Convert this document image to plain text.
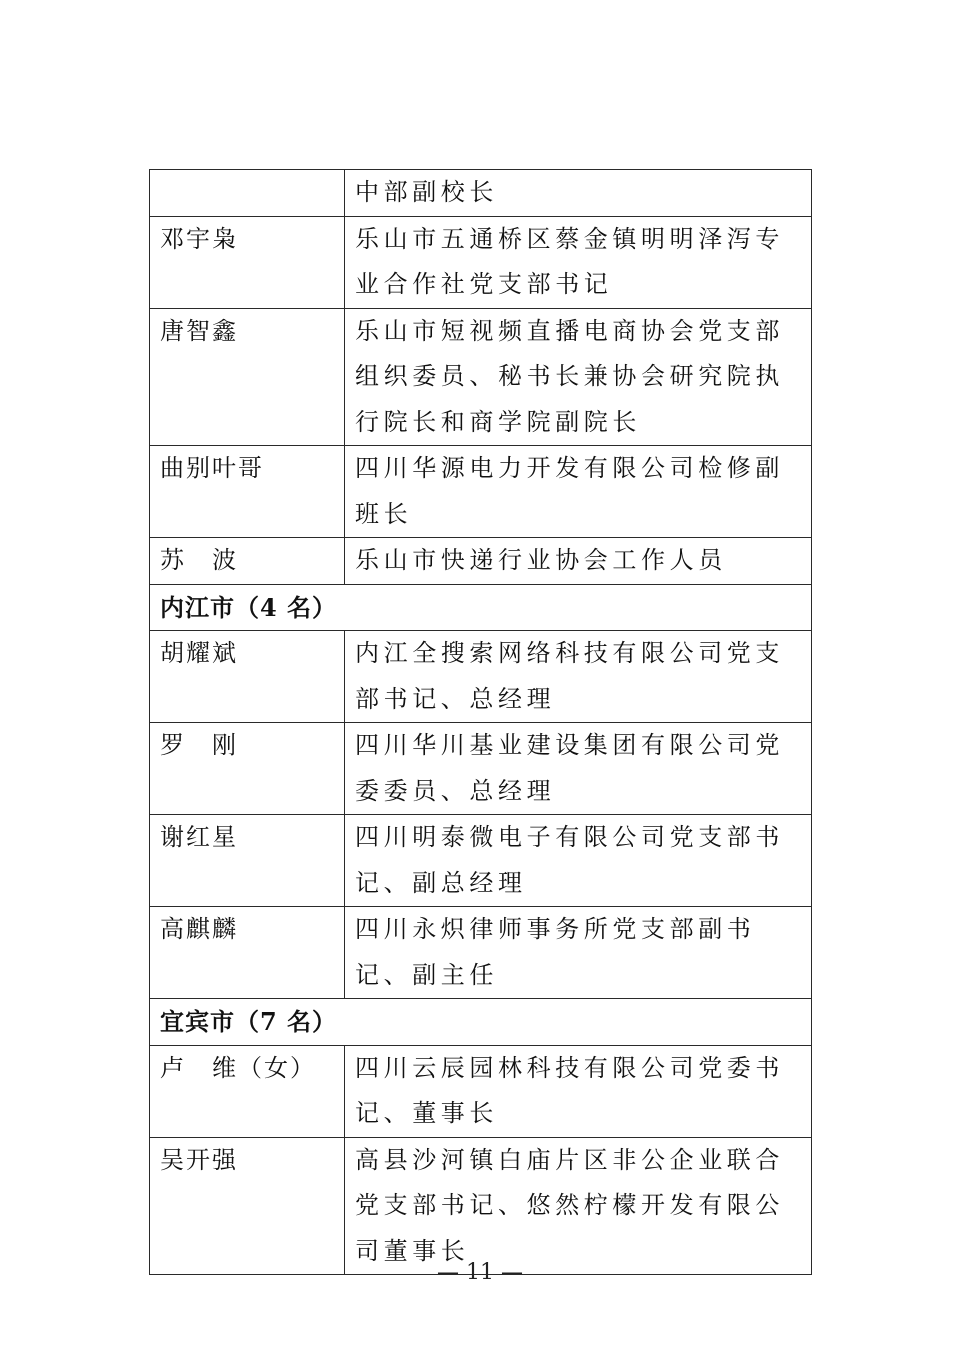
	中部副校长
邓宇枭	乐山市五通桥区蔡金镇明明泽泻专业合作社党支部书记
唐智鑫	乐山市短视频直播电商协会党支部组织委员、秘书长兼协会研究院执行院长和商学院副院长
曲别叶哥	四川华源电力开发有限公司检修副班长
苏　波	乐山市快递行业协会工作人员
内江市（4 名）	
胡耀斌	内江全搜索网络科技有限公司党支部书记、总经理
罗　刚	四川华川基业建设集团有限公司党委委员、总经理
谢红星	四川明泰微电子有限公司党支部书记、副总经理
高麒麟	四川永炽律师事务所党支部副书记、副主任
宜宾市（7 名）	
卢　维（女）	四川云辰园林科技有限公司党委书记、董事长
吴开强	高县沙河镇白庙片区非公企业联合党支部书记、悠然柠檬开发有限公司董事长
— 11 —
